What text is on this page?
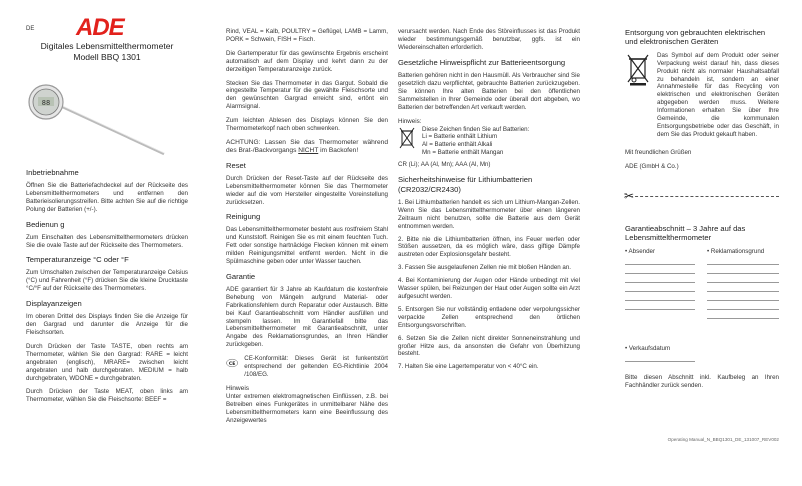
DE ADE
Digitales Lebensmittelthermometer
Modell BBQ 1301
88
Inbetriebnahme

Öffnen Sie die Batteriefachdeckel auf der Rückseite des Lebensmittelthermometers und entfernen den Batterieisolierungsstreifen. Bitte achten Sie auf die richtige Polung der Batterien (+/-).

Bedienun g

Zum Einschalten des Lebensmittelthermometers drücken Sie die ovale Taste auf der Rückseite des Thermometers.

Temperaturanzeige °C oder °F

Zum Umschalten zwischen der Temperaturanzeige Celsius (°C) und Fahrenheit (°F) drücken Sie die kleine Drucktaste °C/°F auf der Rückseite des Thermometers.

Displayanzeigen

Im oberen Drittel des Displays finden Sie die Anzeige für den Gargrad und darunter die Anzeige für die Fleischsorten.

Durch Drücken der Taste TASTE, oben rechts am Thermometer, wählen Sie den Gargrad: RARE = leicht angebraten (englisch), MRARE= zwischen leicht angebraten und halb durchgebraten. MEDIUM = halb durchgebraten, WDONE = durchgebraten.

Durch Drücken der Taste MEAT, oben links am Thermometer, wählen Sie die Fleischsorte: BEEF =

Rind, VEAL = Kalb, POULTRY = Geflügel, LAMB = Lamm, PORK = Schwein, FISH = Fisch.

Die Gartemperatur für das gewünschte Ergebnis erscheint automatisch auf dem Display und kehrt dann zu der derzeitigen Temperaturanzeige zurück.

Stecken Sie das Thermometer in das Gargut. Sobald die eingestellte Temperatur für die gewählte Fleischsorte und den gewünschten Gargrad erreicht sind, ertönt ein Alarmsignal.

Zum leichten Ablesen des Displays können Sie den Thermometerkopf nach oben schwenken.

ACHTUNG: Lassen Sie das Thermometer während des Brat-/Backvorgangs NICHT im Backofen!

Reset

Durch Drücken der Reset-Taste auf der Rückseite des Lebensmittelthermometer können Sie das Thermometer wieder auf die vom Hersteller eingestellte Voreinstellung zurücksetzen.

Reinigung

Das Lebensmittelthermometer besteht aus rostfreiem Stahl und Kunststoff. Reinigen Sie es mit einem feuchten Tuch. Fett oder sonstige hartnäckige Flecken können mit einem milden Reinigungsmittel entfernt werden. Nicht in die Spülmaschine geben oder unter Wasser tauchen.

Garantie

ADE garantiert für 3 Jahre ab Kaufdatum die kostenfreie Behebung von Mängeln aufgrund Material- oder Fabrikationsfehlern durch Reparatur oder Austausch. Bitte bei Kauf Garantieabschnitt vom Händler ausfüllen und stempeln lassen. Im Garantiefall bitte das Lebensmittelthermometer mit Garantieabschnitt, unter Angabe des Reklamationsgrundes, an Ihren Händler zurückgeben.

CE

CE-Konformität: Dieses Gerät ist funkentstört entsprechend der geltenden EG-Richtlinie 2004 /108/EG.

Hinweis

Unter extremen elektromagnetischen Einflüssen, z.B. bei Betreiben eines Funkgerätes in unmittelbarer Nähe des Lebensmittelthermometers kann eine Beeinflussung des Anzeigewertes

verursacht werden. Nach Ende des Störeinflusses ist das Produkt wieder bestimmungsgemäß benutzbar, ggfs. ist ein Wiedereinschalten erforderlich.

Gesetzliche Hinweispflicht zur Batterieentsorgung

Batterien gehören nicht in den Hausmüll. Als Verbraucher sind Sie gesetzlich dazu verpflichtet, gebrauchte Batterien zurückzugeben. Sie können Ihre alten Batterien bei den öffentlichen Sammelstellen in Ihrer Gemeinde oder überall dort abgeben, wo Batterien der betreffenden Art verkauft werden.

Hinweis:
Diese Zeichen finden Sie auf Batterien:
Li = Batterie enthält Lithium
Al = Batterie enthält Alkali
Mn = Batterie enthält Mangan

CR (Li); AA (Al, Mn); AAA (Al, Mn)

Sicherheitshinweise für Lithiumbatterien (CR2032/CR2430)
1. Bei Lithiumbatterien handelt es sich um Lithium-Mangan-Zellen. Wenn Sie das Lebensmittelthermometer über einen längeren Zeitraum nicht benutzen, sollte die Batterie aus dem Gerät entnommen werden.
2. Bitte nie die Lithiumbatterien öffnen, ins Feuer werfen oder Stößen aussetzen, da es möglich wäre, dass giftige Dämpfe austreten oder Explosionsgefahr besteht.
3. Fassen Sie ausgelaufenen Zellen nie mit bloßen Händen an.
4. Bei Kontaminierung der Augen oder Hände unbedingt mit viel Wasser spülen, bei Reizungen der Haut oder Augen sollte ein Arzt aufgesucht werden.
5. Entsorgen Sie nur vollständig entladene oder verpolungssicher verpackte Zellen entsprechend den örtlichen Entsorgungsvorschriften.
6. Setzen Sie die Zellen nicht direkter Sonneneinstrahlung und großer Hitze aus, da ansonsten die Gefahr von Überhitzung besteht.
7. Halten Sie eine Lagertemperatur von < 40°C ein.
Entsorgung von gebrauchten elektrischen und elektronischen Geräten

Das Symbol auf dem Produkt oder seiner Verpackung weist darauf hin, dass dieses Produkt nicht als normaler Haushaltsabfall zu behandeln ist, sondern an einer Annahmestelle für das Recycling von elektrischen und elektronischen Geräten abgegeben werden muss. Weitere Informationen erhalten Sie über Ihre Gemeinde, die kommunalen Entsorgungsbetriebe oder das Geschäft, in dem Sie das Produkt gekauft haben.

Mit freundlichen Grüßen

ADE (GmbH & Co.)

✂
Garantieabschnitt – 3 Jahre auf das Lebensmittelthermometer
• Absender	• Reklamationsgrund
• Verkaufsdatum

Bitte diesen Abschnitt inkl. Kaufbeleg an Ihren Fachhändler zurück senden.

Operating Manual_N_BBQ1301_DE_131007_REV002
